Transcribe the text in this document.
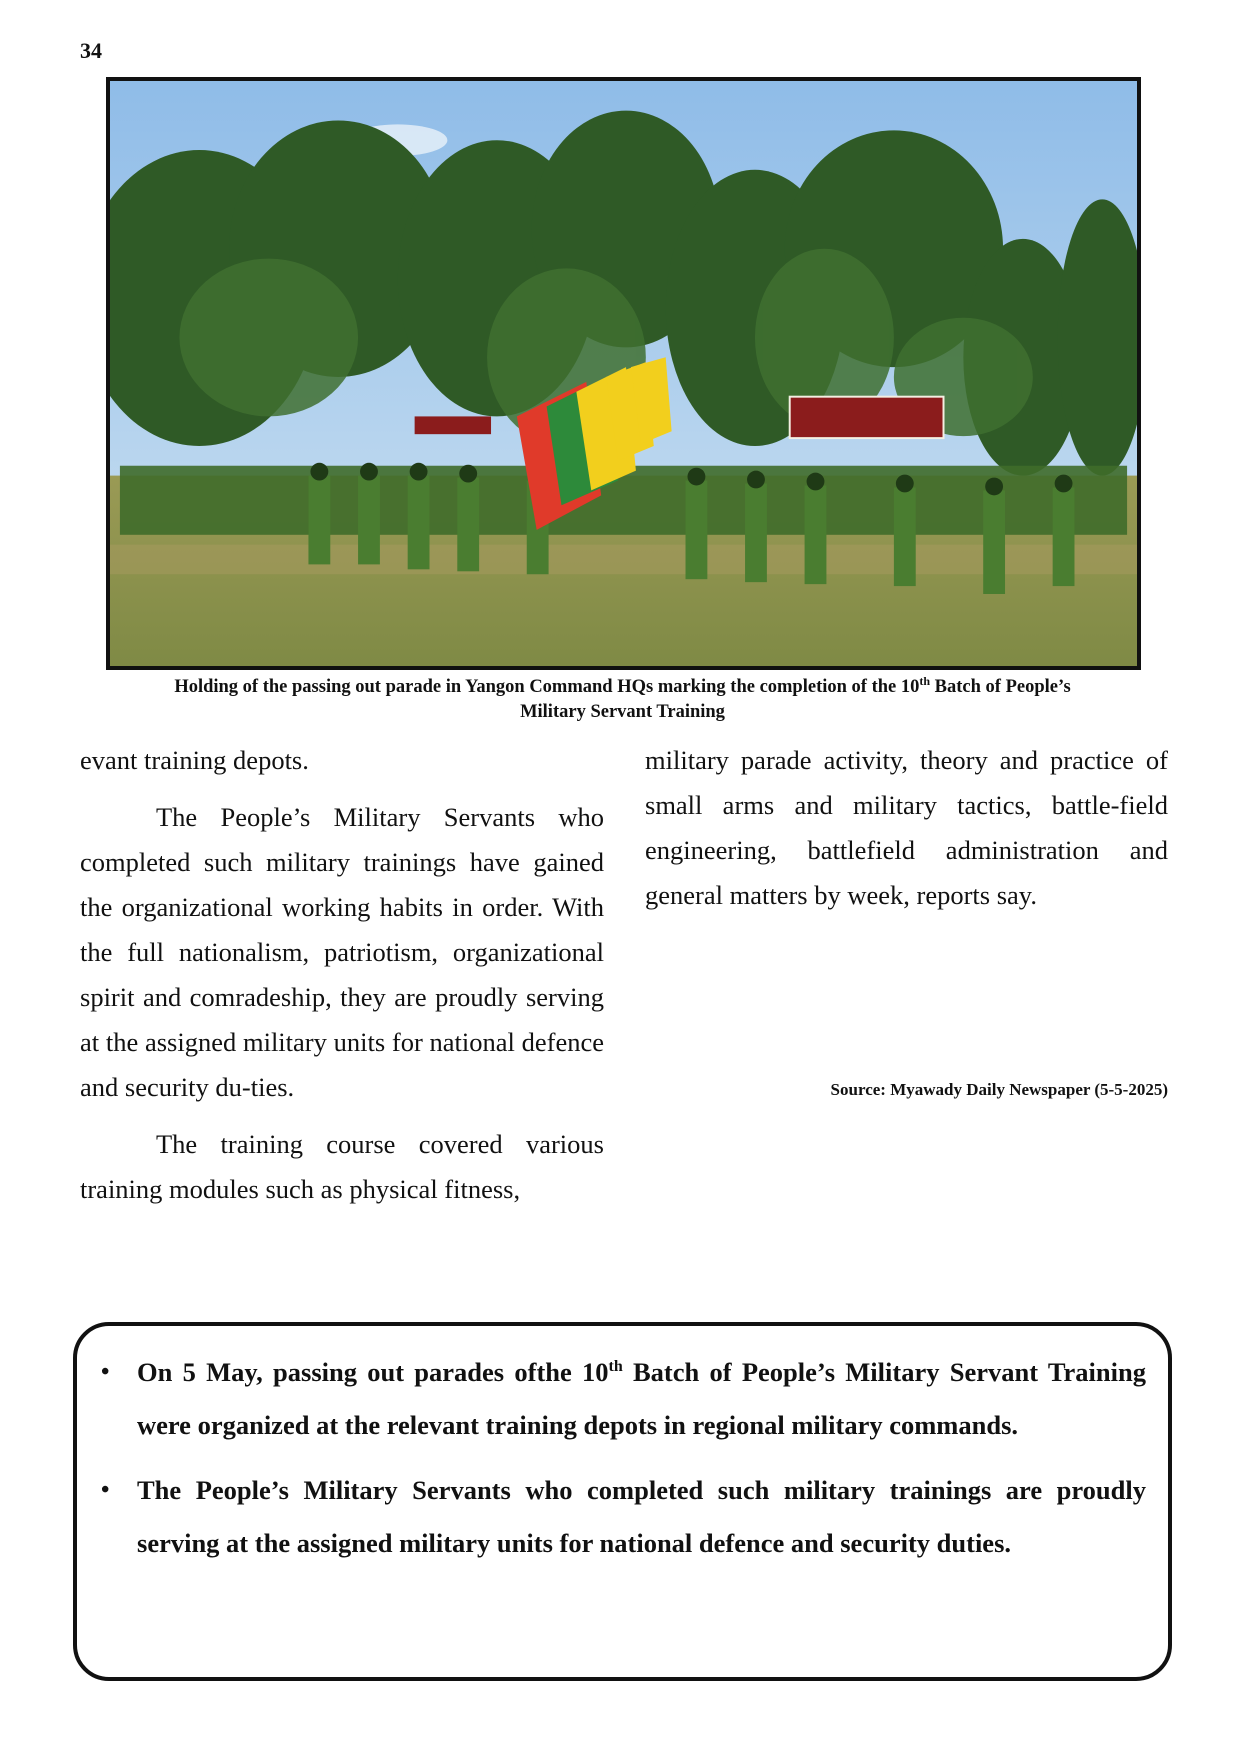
34
Holding of the passing out parade in Yangon Command HQs marking the completion of the 10th Batch of People’s
Military Servant Training

evant training depots.

The People’s Military Servants who completed such military trainings have gained the organizational working habits in order. With the full nationalism, patriotism, organizational spirit and comradeship, they are proudly serving at the assigned military units for national defence and security du-ties.

The training course covered various training modules such as physical fitness,

military parade activity, theory and practice of small arms and military tactics, battle-field engineering, battlefield administration and general matters by week, reports say.

Source: Myawady Daily Newspaper (5-5-2025)
• On 5 May, passing out parades ofthe 10th Batch of People’s Military Servant Training were organized at the relevant training depots in regional military commands.
• The People’s Military Servants who completed such military trainings are proudly serving at the assigned military units for national defence and security duties.
